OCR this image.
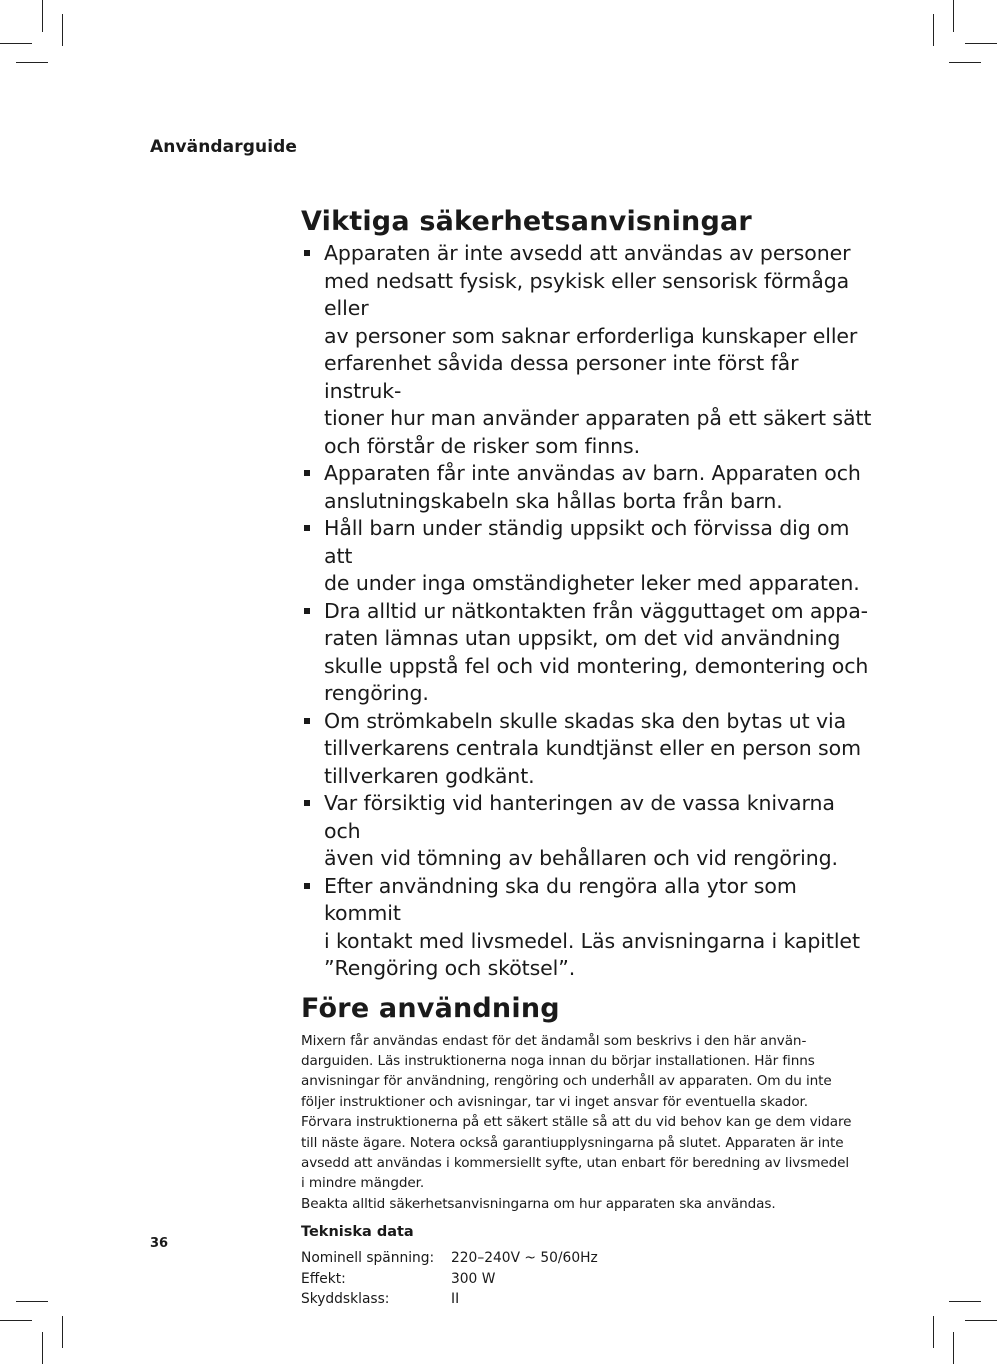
Användarguide
Viktiga säkerhetsanvisningar
Apparaten är inte avsedd att användas av personer
med nedsatt fysisk, psykisk eller sensorisk förmåga eller
av personer som saknar erforderliga kunskaper eller
erfarenhet såvida dessa personer inte först får instruk-
tioner hur man använder apparaten på ett säkert sätt
och förstår de risker som finns.
Apparaten får inte användas av barn. Apparaten och
anslutningskabeln ska hållas borta från barn.
Håll barn under ständig uppsikt och förvissa dig om att
de under inga omständigheter leker med apparaten.
Dra alltid ur nätkontakten från vägguttaget om appa-
raten lämnas utan uppsikt, om det vid användning
skulle uppstå fel och vid montering, demontering och
rengöring.
Om strömkabeln skulle skadas ska den bytas ut via
tillverkarens centrala kundtjänst eller en person som
tillverkaren godkänt.
Var försiktig vid hanteringen av de vassa knivarna och
även vid tömning av behållaren och vid rengöring.
Efter användning ska du rengöra alla ytor som kommit
i kontakt med livsmedel. Läs anvisningarna i kapitlet
”Rengöring och skötsel”.
Före användning

Mixern får användas endast för det ändamål som beskrivs i den här använ-

darguiden. Läs instruktionerna noga innan du börjar installationen. Här finns

anvisningar för användning, rengöring och underhåll av apparaten. Om du inte

följer instruktioner och avisningar, tar vi inget ansvar för eventuella skador.

Förvara instruktionerna på ett säkert ställe så att du vid behov kan ge dem vidare

till näste ägare. Notera också garantiupplysningarna på slutet. Apparaten är inte

avsedd att användas i kommersiellt syfte, utan enbart för beredning av livsmedel

i mindre mängder.

Beakta alltid säkerhetsanvisningarna om hur apparaten ska användas.

Tekniska data
Nominell spänning:	220–240V ~ 50/60Hz
Effekt:	300 W
Skyddsklass:	II
36
